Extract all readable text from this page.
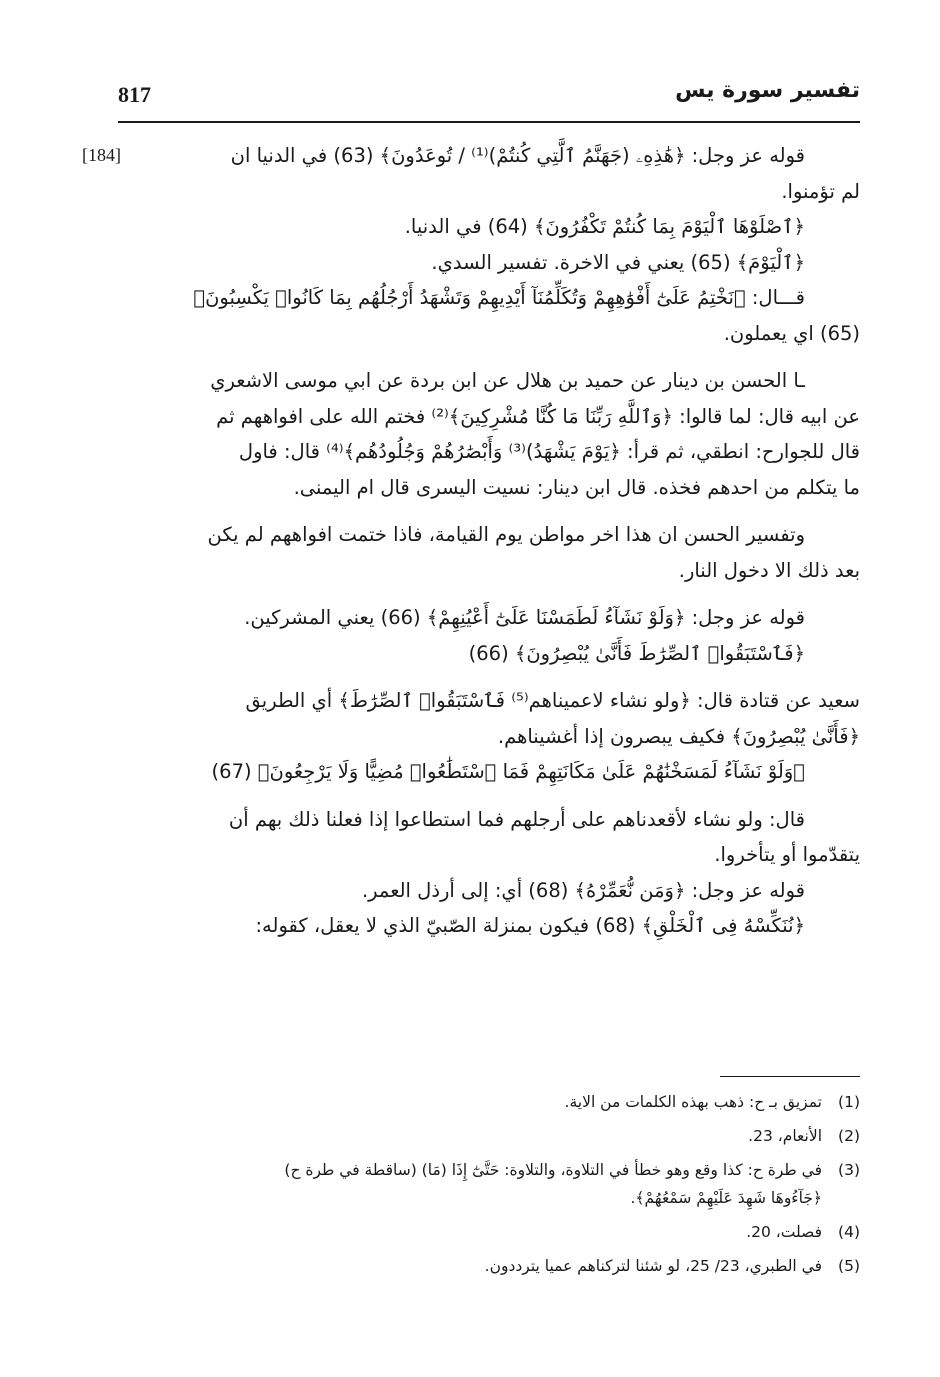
817	تفسير سورة يس
[184]	قوله عز وجل: ﴿هَٰذِهِۦ (جَهَنَّمُ ٱلَّتِي كُنتُمْ)⁽¹⁾ / تُوعَدُونَ﴾ (63) في الدنيا ان

لم تؤمنوا.

﴿ٱصْلَوْهَا ٱلْيَوْمَ بِمَا كُنتُمْ تَكْفُرُونَ﴾ (64) في الدنيا.

﴿ٱلْيَوْمَ﴾ (65) يعني في الاخرة. تفسير السدي.

قـــال: ﴿نَخْتِمُ عَلَىٰٓ أَفْوَٰهِهِمْ وَتُكَلِّمُنَآ أَيْدِيهِمْ وَتَشْهَدُ أَرْجُلُهُم بِمَا كَانُوا۟ يَكْسِبُونَ﴾

(65) اي يعملون.

ـا الحسن بن دينار عن حميد بن هلال عن ابن بردة عن ابي موسى الاشعري

عن ابيه قال: لما قالوا: ﴿وَٱللَّهِ رَبِّنَا مَا كُنَّا مُشْرِكِينَ﴾⁽²⁾ فختم الله على افواههم ثم

قال للجوارح: انطقي، ثم قرأ: ﴿يَوْمَ يَشْهَدُ)⁽³⁾ وَأَبْصَٰرُهُمْ وَجُلُودُهُم﴾⁽⁴⁾ قال: فاول

ما يتكلم من احدهم فخذه. قال ابن دينار: نسيت اليسرى قال ام اليمنى.

وتفسير الحسن ان هذا اخر مواطن يوم القيامة، فاذا ختمت افواههم لم يكن

بعد ذلك الا دخول النار.

قوله عز وجل: ﴿وَلَوْ نَشَآءُ لَطَمَسْنَا عَلَىٰٓ أَعْيُنِهِمْ﴾ (66) يعني المشركين.

﴿فَٱسْتَبَقُوا۟ ٱلصِّرَٰطَ فَأَنَّىٰ يُبْصِرُونَ﴾ (66)

سعيد عن قتادة قال: ﴿ولو نشاء لاعميناهم⁽⁵⁾ فَٱسْتَبَقُوا۟ ٱلصِّرَٰطَ﴾ أي الطريق

﴿فَأَنَّىٰ يُبْصِرُونَ﴾ فكيف يبصرون إذا أغشيناهم.

﴿وَلَوْ نَشَآءُ لَمَسَخْنَٰهُمْ عَلَىٰ مَكَانَتِهِمْ فَمَا ٱسْتَطَٰعُوا۟ مُضِيًّا وَلَا يَرْجِعُونَ﴾ (67)

قال: ولو نشاء لأقعدناهم على أرجلهم فما استطاعوا إذا فعلنا ذلك بهم أن

يتقدّموا أو يتأخروا.

قوله عز وجل: ﴿وَمَن نُّعَمِّرْهُ﴾ (68) أي: إلى أرذل العمر.

﴿نُنَكِّسْهُ فِى ٱلْخَلْقِ﴾ (68) فيكون بمنزلة الصّبيّ الذي لا يعقل، كقوله:

(1)
تمزيق بـ ح: ذهب بهذه الكلمات من الاية.
(2)
الأنعام، 23.
(3)
في طرة ح: كذا وقع وهو خطأ في التلاوة، والتلاوة: حَتَّىٰٓ إِذَا (مَا) (ساقطة في طرة ح)
﴿جَآءُوهَا شَهِدَ عَلَيْهِمْ سَمْعُهُمْ﴾.
(4)
فصلت، 20.
(5)
في الطبري، 23/ 25، لو شئنا لتركناهم عميا يترددون.
